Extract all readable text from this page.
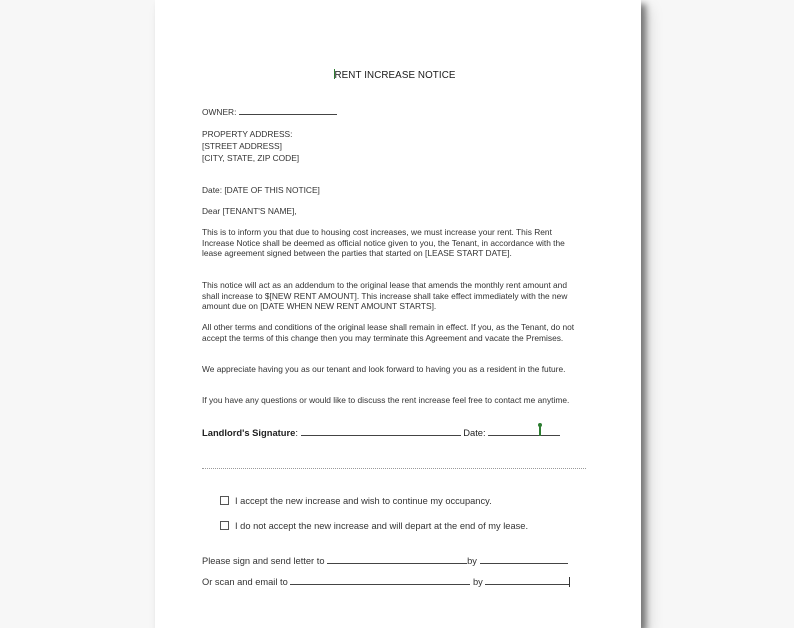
RENT INCREASE NOTICE
OWNER:
PROPERTY ADDRESS:
[STREET ADDRESS]
[CITY, STATE, ZIP CODE]
Date: [DATE OF THIS NOTICE]
Dear [TENANT'S NAME],
This is to inform you that due to housing cost increases, we must increase your rent. This Rent Increase Notice shall be deemed as official notice given to you, the Tenant, in accordance with the lease agreement signed between the parties that started on [LEASE START DATE].
This notice will act as an addendum to the original lease that amends the monthly rent amount and shall increase to $[NEW RENT AMOUNT]. This increase shall take effect immediately with the new amount due on [DATE WHEN NEW RENT AMOUNT STARTS].
All other terms and conditions of the original lease shall remain in effect. If you, as the Tenant, do not accept the terms of this change then you may terminate this Agreement and vacate the Premises.
We appreciate having you as our tenant and look forward to having you as a resident in the future.
If you have any questions or would like to discuss the rent increase feel free to contact me anytime.
Landlord's Signature:	Date:
I accept the new increase and wish to continue my occupancy.
I do not accept the new increase and will depart at the end of my lease.
Please sign and send letter to	by
Or scan and email to	by
